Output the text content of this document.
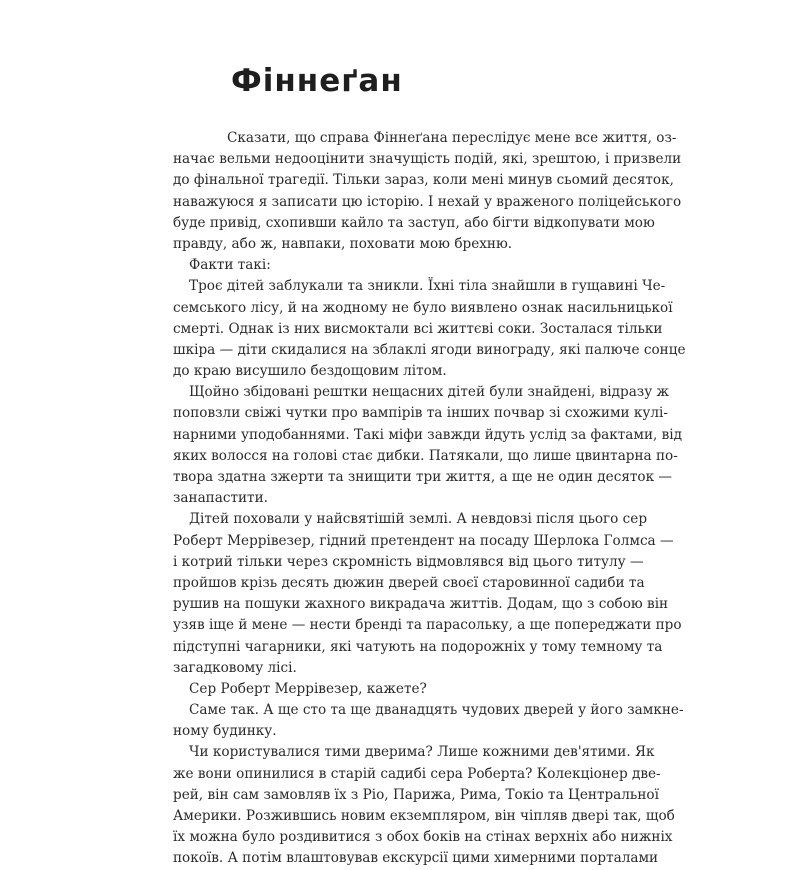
Фіннеґан
Сказати, що справа Фіннеґана переслідує мене все життя, оз-
начає вельми недооцінити значущість подій, які, зрештою, і призвели
до фінальної трагедії. Тільки зараз, коли мені минув сьомий десяток,
наважуюся я записати цю історію. І нехай у враженого поліцейського
буде привід, схопивши кайло та заступ, або бігти відкопувати мою
правду, або ж, навпаки, поховати мою брехню.
Факти такі:
Троє дітей заблукали та зникли. Їхні тіла знайшли в гущавині Че-
семського лісу, й на жодному не було виявлено ознак насильницької
смерті. Однак із них висмоктали всі життєві соки. Зосталася тільки
шкіра — діти скидалися на зблаклі ягоди винограду, які палюче сонце
до краю висушило бездощовим літом.
Щойно збідовані рештки нещасних дітей були знайдені, відразу ж
поповзли свіжі чутки про вампірів та інших почвар зі схожими кулі-
нарними уподобаннями. Такі міфи завжди йдуть услід за фактами, від
яких волосся на голові стає дибки. Патякали, що лише цвинтарна по-
твора здатна зжерти та знищити три життя, а ще не один десяток —
занапастити.
Дітей поховали у найсвятішій землі. А невдовзі після цього сер
Роберт Меррівезер, гідний претендент на посаду Шерлока Голмса —
і котрий тільки через скромність відмовлявся від цього титулу —
пройшов крізь десять дюжин дверей своєї старовинної садиби та
рушив на пошуки жахного викрадача життів. Додам, що з собою він
узяв іще й мене — нести бренді та парасольку, а ще попереджати про
підступні чагарники, які чатують на подорожніх у тому темному та
загадковому лісі.
Сер Роберт Меррівезер, кажете?
Саме так. А ще сто та ще дванадцять чудових дверей у його замкне-
ному будинку.
Чи користувалися тими дверима? Лише кожними дев'ятими. Як
же вони опинилися в старій садибі сера Роберта? Колекціонер две-
рей, він сам замовляв їх з Ріо, Парижа, Рима, Токіо та Центральної
Америки. Розжившись новим екземпляром, він чіпляв двері так, щоб
їх можна було роздивитися з обох боків на стінах верхніх або нижніх
покоїв. А потім влаштовував екскурсії цими химерними порталами
